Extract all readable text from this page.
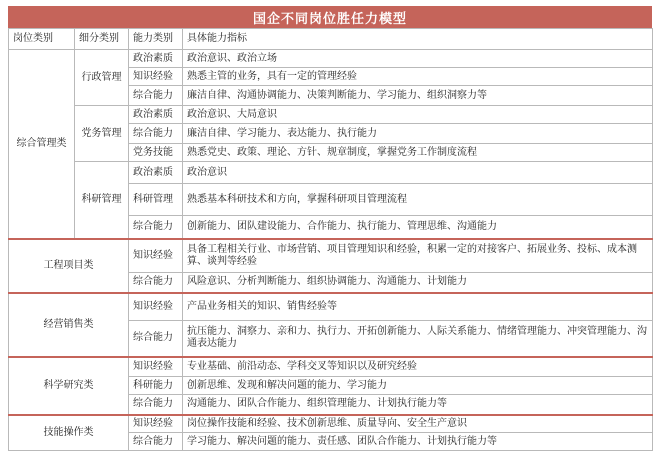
国企不同岗位胜任力模型
岗位类别	细分类别	能力类别	具体能力指标
综合管理类	行政管理	政治素质	政治意识、政治立场
		知识经验	熟悉主管的业务，具有一定的管理经验
		综合能力	廉洁自律、沟通协调能力、决策判断能力、学习能力、组织洞察力等
	党务管理	政治素质	政治意识、大局意识
		综合能力	廉洁自律、学习能力、表达能力、执行能力
		党务技能	熟悉党史、政策、理论、方针、规章制度，掌握党务工作制度流程
	科研管理	政治素质	政治意识
		科研管理	熟悉基本科研技术和方向，掌握科研项目管理流程
		综合能力	创新能力、团队建设能力、合作能力、执行能力、管理思维、沟通能力
工程项目类		知识经验	具备工程相关行业、市场营销、项目管理知识和经验，积累一定的对接客户、拓展业务、投标、成本测算、谈判等经验
		综合能力	风险意识、分析判断能力、组织协调能力、沟通能力、计划能力
经营销售类		知识经验	产品业务相关的知识、销售经验等
		综合能力	抗压能力、洞察力、亲和力、执行力、开拓创新能力、人际关系能力、情绪管理能力、冲突管理能力、沟通表达能力
科学研究类		知识经验	专业基础、前沿动态、学科交叉等知识以及研究经验
		科研能力	创新思维、发现和解决问题的能力、学习能力
		综合能力	沟通能力、团队合作能力、组织管理能力、计划执行能力等
技能操作类		知识经验	岗位操作技能和经验、技术创新思维、质量导向、安全生产意识
		综合能力	学习能力、解决问题的能力、责任感、团队合作能力、计划执行能力等
